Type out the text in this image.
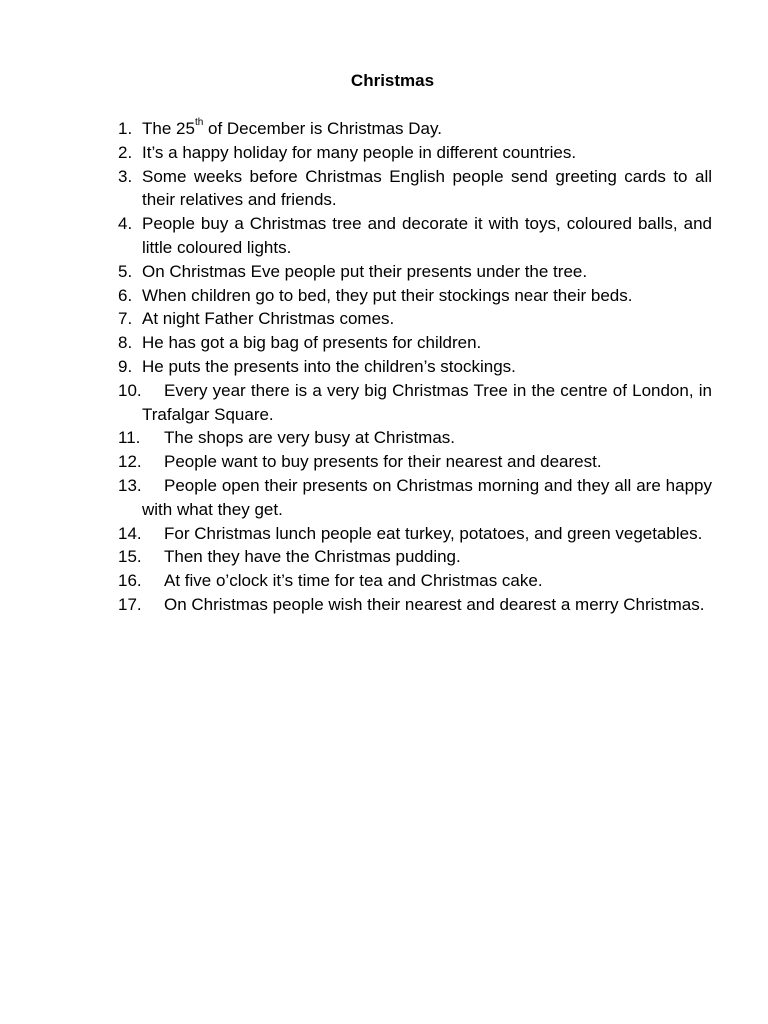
Christmas
1. The 25th of December is Christmas Day.
2. It’s a happy holiday for many people in different countries.
3. Some weeks before Christmas English people send greeting cards to all their relatives and friends.
4. People buy a Christmas tree and decorate it with toys, coloured balls, and little coloured lights.
5. On Christmas Eve people put their presents under the tree.
6. When children go to bed, they put their stockings near their beds.
7. At night Father Christmas comes.
8. He has got a big bag of presents for children.
9. He puts the presents into the children’s stockings.
10. Every year there is a very big Christmas Tree in the centre of London, in Trafalgar Square.
11. The shops are very busy at Christmas.
12. People want to buy presents for their nearest and dearest.
13. People open their presents on Christmas morning and they all are happy with what they get.
14. For Christmas lunch people eat turkey, potatoes, and green vegetables.
15. Then they have the Christmas pudding.
16. At five o’clock it’s time for tea and Christmas cake.
17. On Christmas people wish their nearest and dearest a merry Christmas.
